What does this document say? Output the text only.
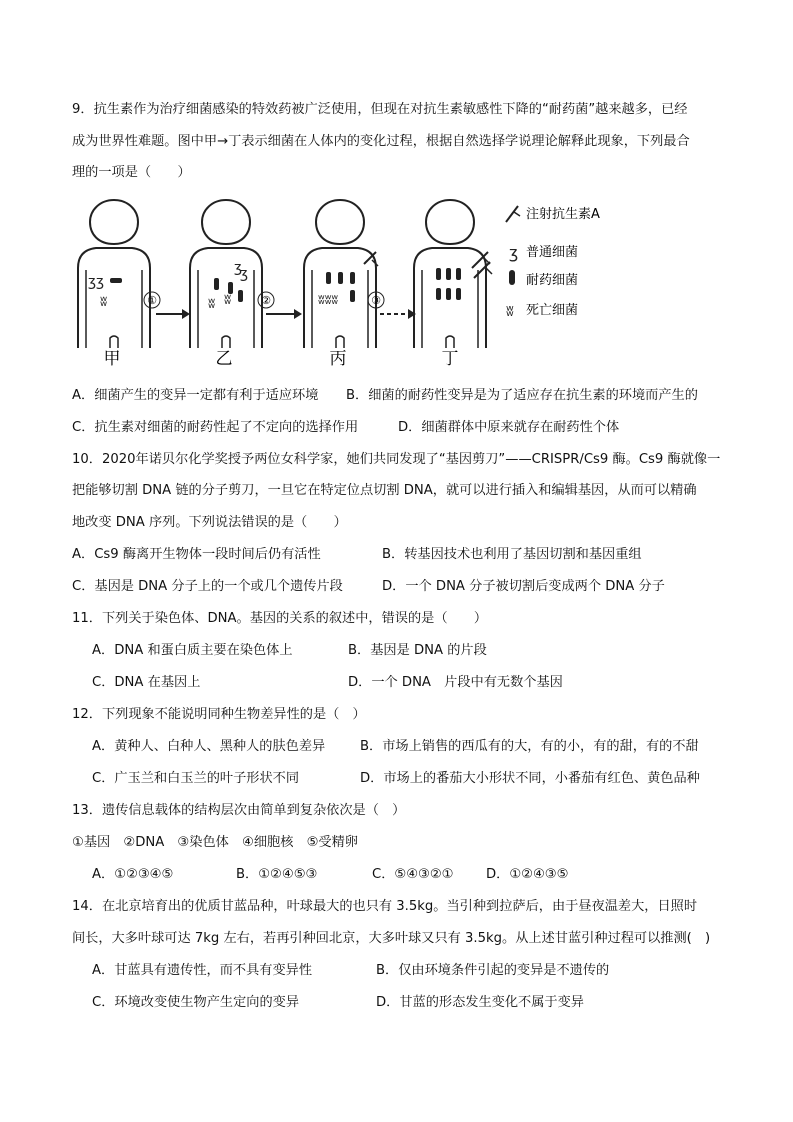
9．抗生素作为治疗细菌感染的特效药被广泛使用，但现在对抗生素敏感性下降的“耐药菌”越来越多，已经
成为世界性难题。图中甲→丁表示细菌在人体内的变化过程，根据自然选择学说理论解释此现象，下列最合
理的一项是（　　）
ʒ ʒ
ʬ	①
ʒ
ʒ
ʬ ʬ	②	ʬʬʬ	③
甲	乙	丙	丁
注射抗生素A
ʒ 普通细菌
耐药细菌
ʬ 死亡细菌
A．细菌产生的变异一定都有利于适应环境 B．细菌的耐药性变异是为了适应存在抗生素的环境而产生的
C．抗生素对细菌的耐药性起了不定向的选择作用	D．细菌群体中原来就存在耐药性个体
10．2020年诺贝尔化学奖授予两位女科学家，她们共同发现了“基因剪刀”——CRISPR/Cs9 酶。Cs9 酶就像一
把能够切割 DNA 链的分子剪刀，一旦它在特定位点切割 DNA，就可以进行插入和编辑基因，从而可以精确
地改变 DNA 序列。下列说法错误的是（　　）
A．Cs9 酶离开生物体一段时间后仍有活性	B．转基因技术也利用了基因切割和基因重组
C．基因是 DNA 分子上的一个或几个遗传片段	D．一个 DNA 分子被切割后变成两个 DNA 分子
11．下列关于染色体、DNA。基因的关系的叙述中，错误的是（　　）
A．DNA 和蛋白质主要在染色体上	B．基因是 DNA 的片段
C．DNA 在基因上	D．一个 DNA　片段中有无数个基因
12．下列现象不能说明同种生物差异性的是（　）
A．黄种人、白种人、黑种人的肤色差异	B．市场上销售的西瓜有的大，有的小，有的甜，有的不甜
C．广玉兰和白玉兰的叶子形状不同	D．市场上的番茄大小形状不同，小番茄有红色、黄色品种
13．遗传信息载体的结构层次由简单到复杂依次是（　）
①基因　②DNA　③染色体　④细胞核　⑤受精卵
A．①②③④⑤	B．①②④⑤③	C．⑤④③②① D．①②④③⑤
14．在北京培育出的优质甘蓝品种，叶球最大的也只有 3.5kg。当引种到拉萨后，由于昼夜温差大，日照时
间长，大多叶球可达 7kg 左右，若再引种回北京，大多叶球又只有 3.5kg。从上述甘蓝引种过程可以推测(　)
A．甘蓝具有遗传性，而不具有变异性	B．仅由环境条件引起的变异是不遗传的
C．环境改变使生物产生定向的变异	D．甘蓝的形态发生变化不属于变异
